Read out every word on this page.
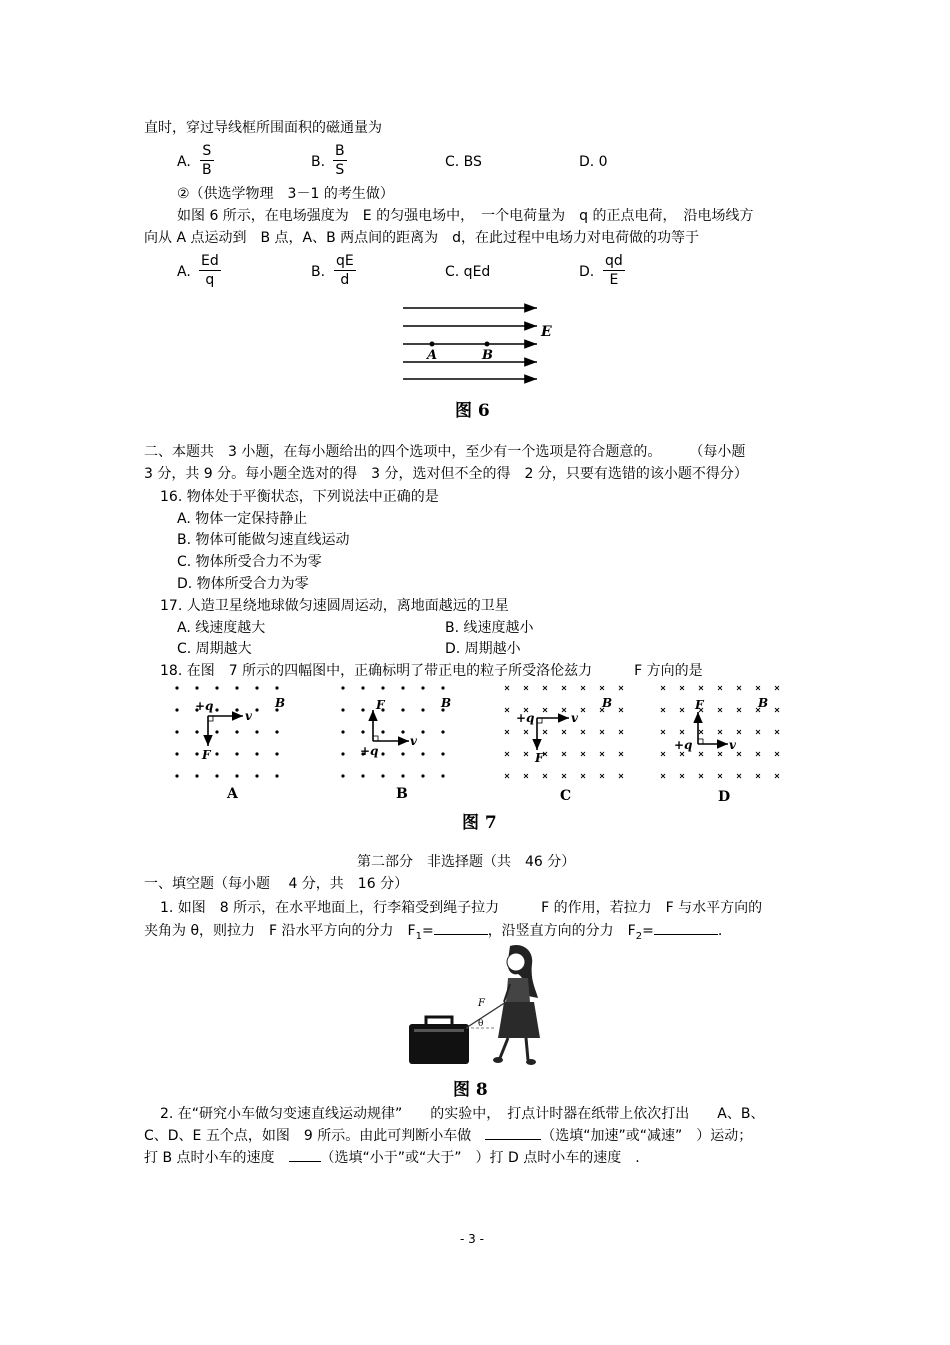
直时，穿过导线框所围面积的磁通量为
A. $\frac{S}{B}$	B. $\frac{B}{S}$	C. BS	D. 0
②（供选学物理　3－1 的考生做）
如图 6 所示，在电场强度为　E 的匀强电场中，　一个电荷量为　q 的正点电荷，　沿电场线方
向从 A 点运动到　B 点，A、B 两点间的距离为　d，在此过程中电场力对电荷做的功等于
A. $\frac{Ed}{q}$	B. $\frac{qE}{d}$	C. qEd	D. $\frac{qd}{E}$
A	B
E
图 6
二、本题共　3 小题，在每小题给出的四个选项中，至少有一个选项是符合题意的。　　　（每小题
3 分，共 9 分。每小题全选对的得　3 分，选对但不全的得　2 分，只要有选错的该小题不得分）
16. 物体处于平衡状态，下列说法中正确的是
A. 物体一定保持静止
B. 物体可能做匀速直线运动
C. 物体所受合力不为零
D. 物体所受合力为零
17. 人造卫星绕地球做匀速圆周运动，离地面越远的卫星
A. 线速度越大	B. 线速度越小
C. 周期越大	D. 周期越小
18. 在图　7 所示的四幅图中，正确标明了带正电的粒子所受洛伦兹力　　　F 方向的是
+q
v
F
B
+q
v
F	B
+q	v
F
B
+q	v
F	B
A	B	C	D
图 7
第二部分　非选择题（共　46 分）
一、填空题（每小题　 4 分，共　16 分）
1. 如图　8 所示，在水平地面上，行李箱受到绳子拉力　　　F 的作用，若拉力　F 与水平方向的
夹角为 θ，则拉力　F 沿水平方向的分力　$F_1=$	，沿竖直方向的分力　$F_2=$	.
F
θ
图 8
2. 在“研究小车做匀变速直线运动规律”　　的实验中，　打点计时器在纸带上依次打出　　A、B、
C、D、E 五个点，如图　9 所示。由此可判断小车做　	（选填“加速”或“减速”　）运动；
打 B 点时小车的速度　（选填“小于”或“大于”　）打 D 点时小车的速度　.
- 3 -
